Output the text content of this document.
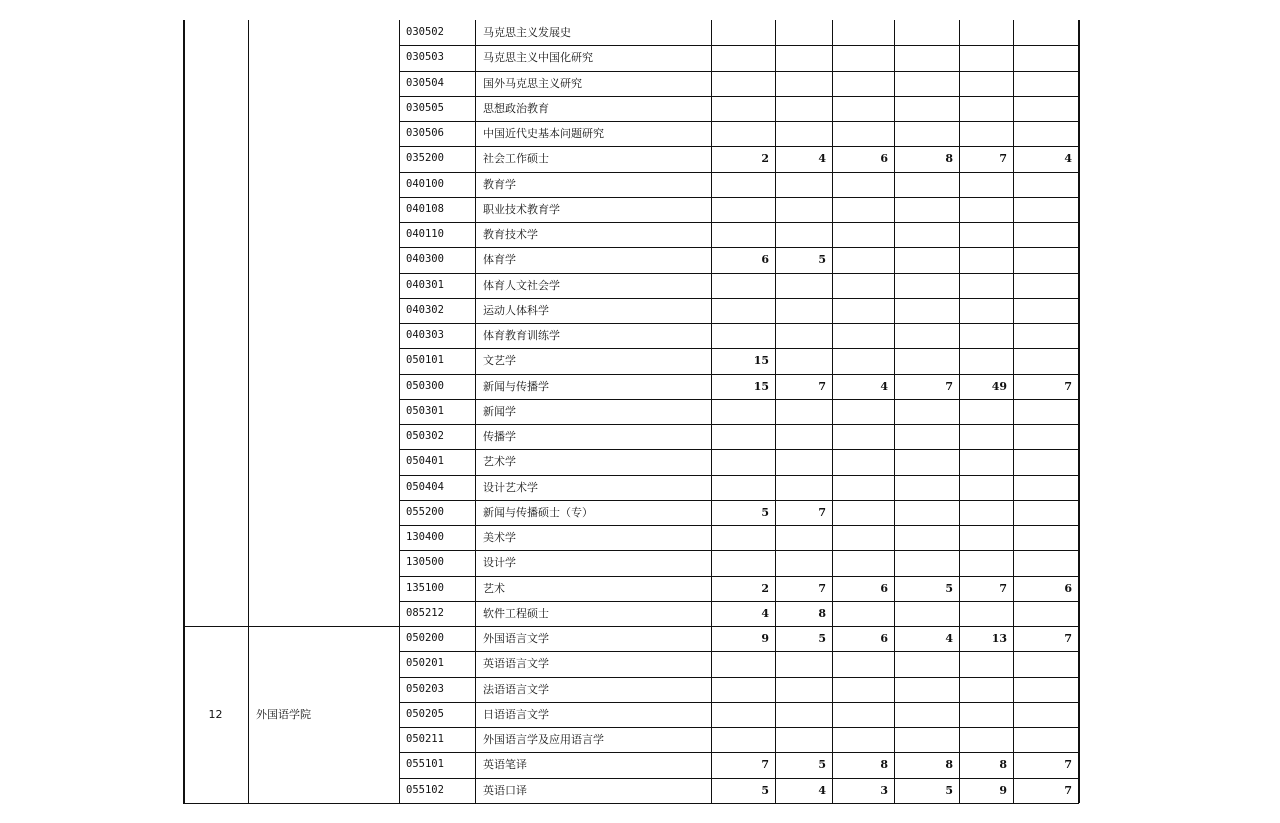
030502	马克思主义发展史
030503	马克思主义中国化研究
030504	国外马克思主义研究
030505	思想政治教育
030506	中国近代史基本问题研究
035200	社会工作硕士	2	4	6	8	7	4
040100	教育学
040108	职业技术教育学
040110	教育技术学
040300	体育学	6	5
040301	体育人文社会学
040302	运动人体科学
040303	体育教育训练学
050101	文艺学	15
050300	新闻与传播学	15	7	4	7	49	7
050301	新闻学
050302	传播学
050401	艺术学
050404	设计艺术学
055200	新闻与传播硕士（专）	5	7
130400	美术学
130500	设计学
135100	艺术	2	7	6	5	7	6
085212	软件工程硕士	4	8
050200	外国语言文学	9	5	6	4	13	7
050201	英语语言文学
050203	法语语言文学
050205	日语语言文学
050211	外国语言学及应用语言学
055101	英语笔译	7	5	8	8	8	7
055102	英语口译	5	4	3	5	9	7
12	外国语学院
